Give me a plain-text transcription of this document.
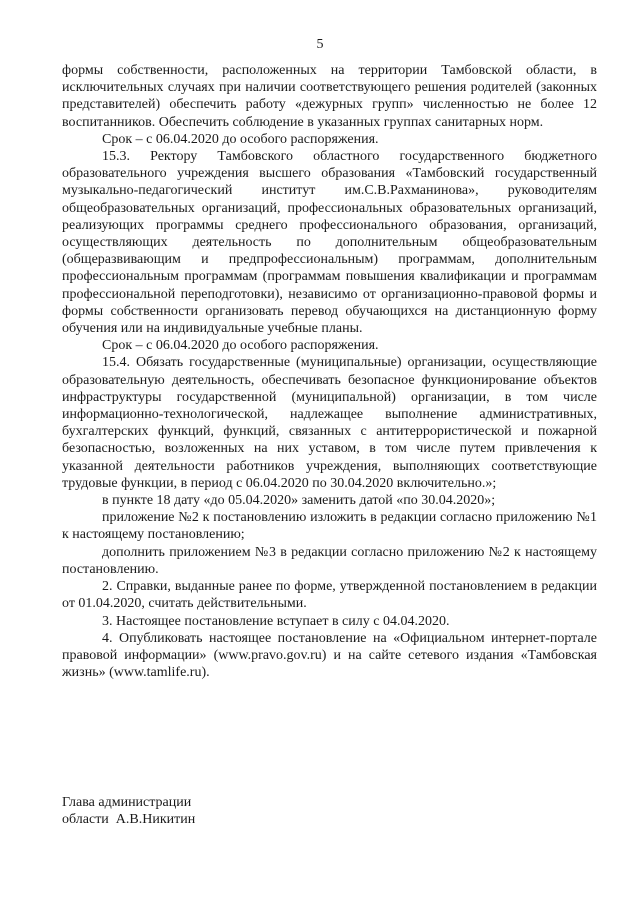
5

формы собственности, расположенных на территории Тамбовской области, в исключительных случаях при наличии соответствующего решения родителей (законных представителей) обеспечить работу «дежурных групп» численностью не более 12 воспитанников. Обеспечить соблюдение в указанных группах санитарных норм.

Срок – с 06.04.2020 до особого распоряжения.

15.3. Ректору Тамбовского областного государственного бюджетного образовательного учреждения высшего образования «Тамбовский государственный музыкально-педагогический институт им.С.В.Рахманинова», руководителям общеобразовательных организаций, профессиональных образовательных организаций, реализующих программы среднего профессионального образования, организаций, осуществляющих деятельность по дополнительным общеобразовательным (общеразвивающим и предпрофессиональным) программам, дополнительным профессиональным программам (программам повышения квалификации и программам профессиональной переподготовки), независимо от организационно-правовой формы и формы собственности организовать перевод обучающихся на дистанционную форму обучения или на индивидуальные учебные планы.

Срок – с 06.04.2020 до особого распоряжения.

15.4. Обязать государственные (муниципальные) организации, осуществляющие образовательную деятельность, обеспечивать безопасное функционирование объектов инфраструктуры государственной (муниципальной) организации, в том числе информационно-технологической, надлежащее выполнение административных, бухгалтерских функций, функций, связанных с антитеррористической и пожарной безопасностью, возложенных на них уставом, в том числе путем привлечения к указанной деятельности работников учреждения, выполняющих соответствующие трудовые функции, в период с 06.04.2020 по 30.04.2020 включительно.»;

в пункте 18 дату «до 05.04.2020» заменить датой «по 30.04.2020»;

приложение №2 к постановлению изложить в редакции согласно приложению №1 к настоящему постановлению;

дополнить приложением №3 в редакции согласно приложению №2 к настоящему постановлению.

2. Справки, выданные ранее по форме, утвержденной постановлением в редакции от 01.04.2020, считать действительными.

3. Настоящее постановление вступает в силу с 04.04.2020.

4. Опубликовать настоящее постановление на «Официальном интернет-портале правовой информации» (www.pravo.gov.ru) и на сайте сетевого издания «Тамбовская жизнь» (www.tamlife.ru).

Глава администрации
области  А.В.Никитин
